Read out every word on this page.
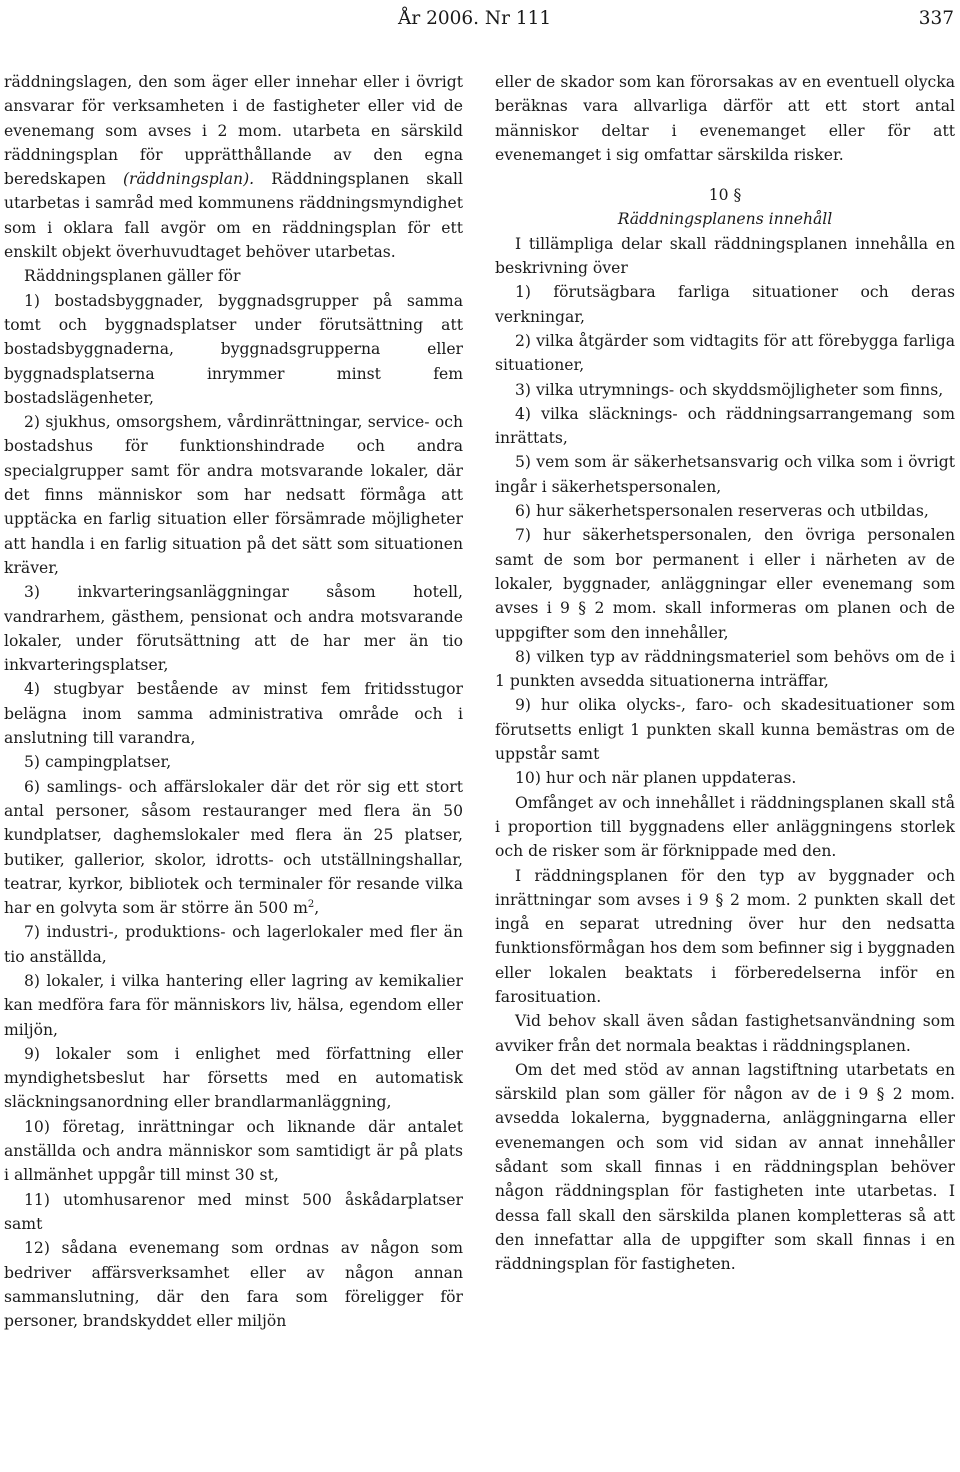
År 2006. Nr 111	337

räddningslagen, den som äger eller innehar eller i övrigt ansvarar för verksamheten i de fastigheter eller vid de evenemang som avses i 2 mom. utarbeta en särskild räddningsplan för upprätthållande av den egna beredskapen (räddningsplan). Räddningsplanen skall utarbetas i samråd med kommunens räddningsmyndighet som i oklara fall avgör om en räddningsplan för ett enskilt objekt överhuvudtaget behöver utarbetas.

Räddningsplanen gäller för

1) bostadsbyggnader, byggnadsgrupper på samma tomt och byggnadsplatser under förutsättning att bostadsbyggnaderna, byggnadsgrupperna eller byggnadsplatserna inrymmer minst fem bostadslägenheter,

2) sjukhus, omsorgshem, vårdinrättningar, service- och bostadshus för funktionshindrade och andra specialgrupper samt för andra motsvarande lokaler, där det finns människor som har nedsatt förmåga att upptäcka en farlig situation eller försämrade möjligheter att handla i en farlig situation på det sätt som situationen kräver,

3) inkvarteringsanläggningar såsom hotell, vandrarhem, gästhem, pensionat och andra motsvarande lokaler, under förutsättning att de har mer än tio inkvarteringsplatser,

4) stugbyar bestående av minst fem fritidsstugor belägna inom samma administrativa område och i anslutning till varandra,

5) campingplatser,

6) samlings- och affärslokaler där det rör sig ett stort antal personer, såsom restauranger med flera än 50 kundplatser, daghemslokaler med flera än 25 platser, butiker, gallerior, skolor, idrotts- och utställningshallar, teatrar, kyrkor, bibliotek och terminaler för resande vilka har en golvyta som är större än 500 $m^2$,

7) industri-, produktions- och lagerlokaler med fler än tio anställda,

8) lokaler, i vilka hantering eller lagring av kemikalier kan medföra fara för människors liv, hälsa, egendom eller miljön,

9) lokaler som i enlighet med författning eller myndighetsbeslut har försetts med en automatisk släckningsanordning eller brandlarmanläggning,

10) företag, inrättningar och liknande där antalet anställda och andra människor som samtidigt är på plats i allmänhet uppgår till minst 30 st,

11) utomhusarenor med minst 500 åskådarplatser samt

12) sådana evenemang som ordnas av någon som bedriver affärsverksamhet eller av någon annan sammanslutning, där den fara som föreligger för personer, brandskyddet eller miljön

eller de skador som kan förorsakas av en eventuell olycka beräknas vara allvarliga därför att ett stort antal människor deltar i evenemanget eller för att evenemanget i sig omfattar särskilda risker.

10 §

Räddningsplanens innehåll

I tillämpliga delar skall räddningsplanen innehålla en beskrivning över

1) förutsägbara farliga situationer och deras verkningar,

2) vilka åtgärder som vidtagits för att förebygga farliga situationer,

3) vilka utrymnings- och skyddsmöjligheter som finns,

4) vilka släcknings- och räddningsarrangemang som inrättats,

5) vem som är säkerhetsansvarig och vilka som i övrigt ingår i säkerhetspersonalen,

6) hur säkerhetspersonalen reserveras och utbildas,

7) hur säkerhetspersonalen, den övriga personalen samt de som bor permanent i eller i närheten av de lokaler, byggnader, anläggningar eller evenemang som avses i 9 § 2 mom. skall informeras om planen och de uppgifter som den innehåller,

8) vilken typ av räddningsmateriel som behövs om de i 1 punkten avsedda situationerna inträffar,

9) hur olika olycks-, faro- och skadesituationer som förutsetts enligt 1 punkten skall kunna bemästras om de uppstår samt

10) hur och när planen uppdateras.

Omfånget av och innehållet i räddningsplanen skall stå i proportion till byggnadens eller anläggningens storlek och de risker som är förknippade med den.

I räddningsplanen för den typ av byggnader och inrättningar som avses i 9 § 2 mom. 2 punkten skall det ingå en separat utredning över hur den nedsatta funktionsförmågan hos dem som befinner sig i byggnaden eller lokalen beaktats i förberedelserna inför en farosituation.

Vid behov skall även sådan fastighetsanvändning som avviker från det normala beaktas i räddningsplanen.

Om det med stöd av annan lagstiftning utarbetats en särskild plan som gäller för någon av de i 9 § 2 mom. avsedda lokalerna, byggnaderna, anläggningarna eller evenemangen och som vid sidan av annat innehåller sådant som skall finnas i en räddningsplan behöver någon räddningsplan för fastigheten inte utarbetas. I dessa fall skall den särskilda planen kompletteras så att den innefattar alla de uppgifter som skall finnas i en räddningsplan för fastigheten.
